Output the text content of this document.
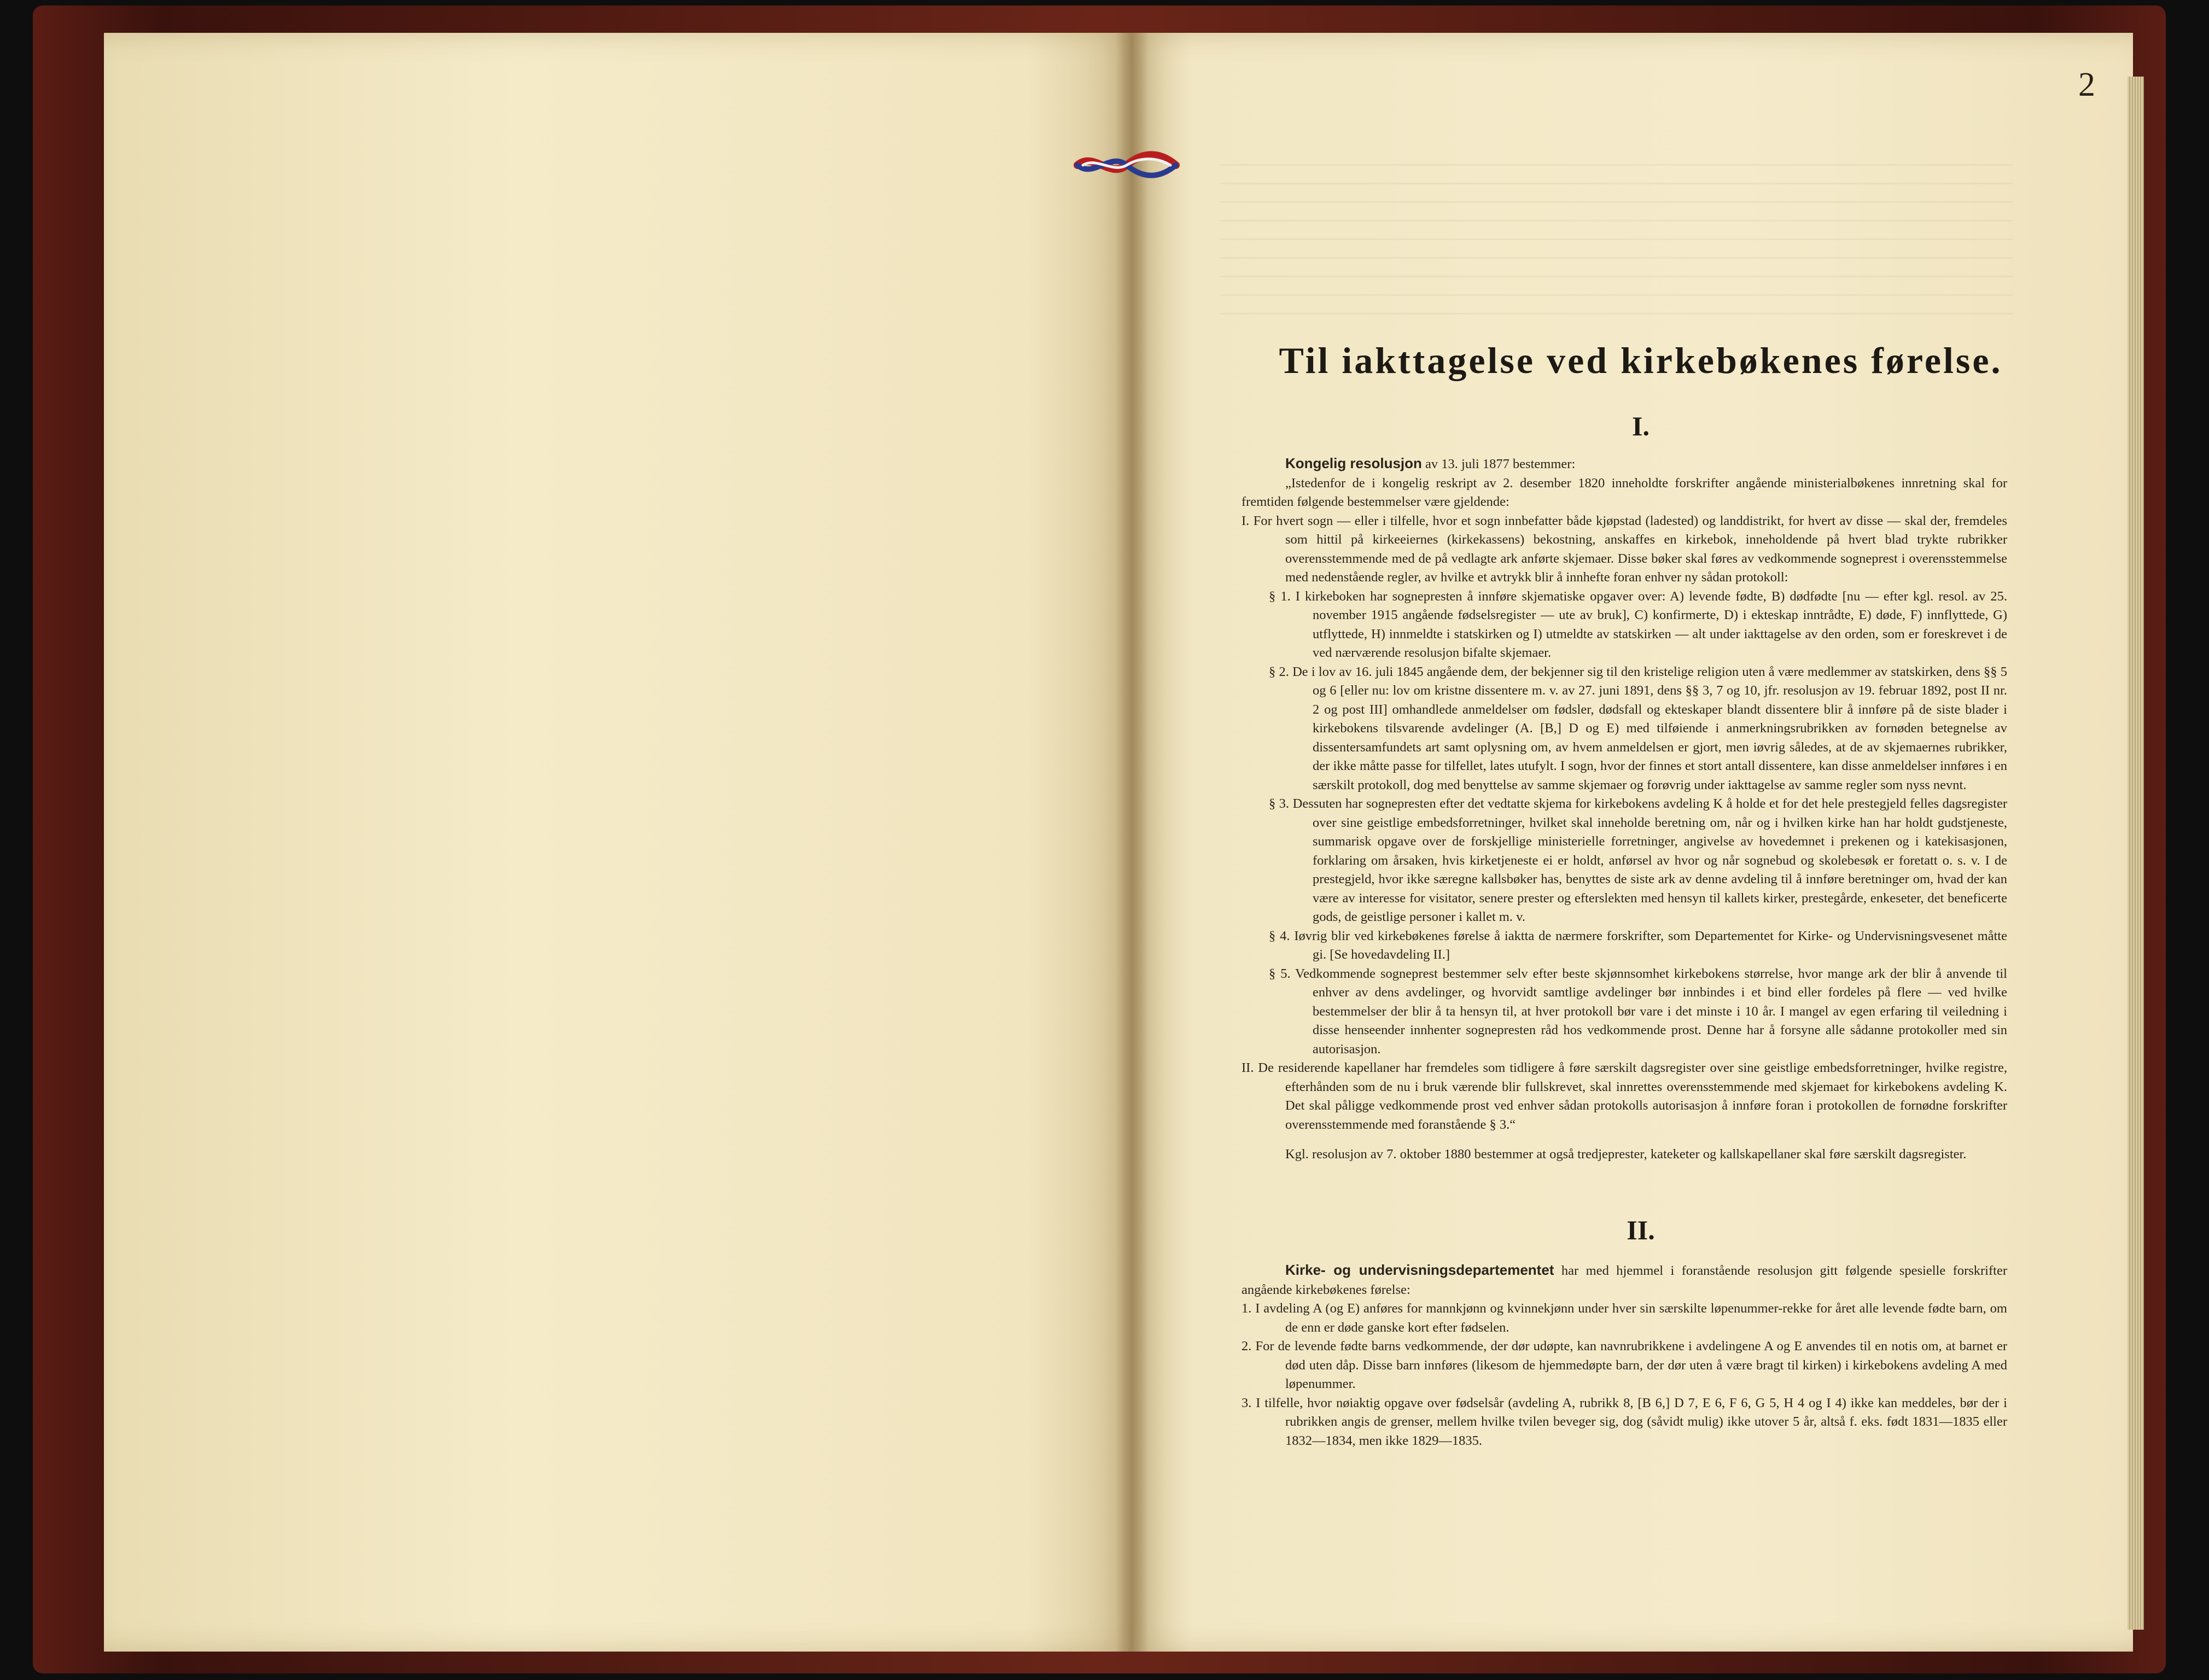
2
Til iakttagelse ved kirkebøkenes førelse.
I.

Kongelig resolusjon av 13. juli 1877 bestemmer:

„Istedenfor de i kongelig reskript av 2. desember 1820 inneholdte forskrifter angående ministerialbøkenes innretning skal for fremtiden følgende bestemmelser være gjeldende:

I. For hvert sogn — eller i tilfelle, hvor et sogn innbefatter både kjøpstad (ladested) og landdistrikt, for hvert av disse — skal der, fremdeles som hittil på kirkeeiernes (kirkekassens) bekostning, anskaffes en kirkebok, inneholdende på hvert blad trykte rubrikker overensstemmende med de på vedlagte ark anførte skjemaer. Disse bøker skal føres av vedkommende sogneprest i overensstemmelse med nedenstående regler, av hvilke et avtrykk blir å innhefte foran enhver ny sådan protokoll:

§ 1. I kirkeboken har sognepresten å innføre skjematiske opgaver over: A) levende fødte, B) dødfødte [nu — efter kgl. resol. av 25. november 1915 angående fødselsregister — ute av bruk], C) konfirmerte, D) i ekteskap inntrådte, E) døde, F) innflyttede, G) utflyttede, H) innmeldte i statskirken og I) utmeldte av statskirken — alt under iakttagelse av den orden, som er foreskrevet i de ved nærværende resolusjon bifalte skjemaer.

§ 2. De i lov av 16. juli 1845 angående dem, der bekjenner sig til den kristelige religion uten å være medlemmer av statskirken, dens §§ 5 og 6 [eller nu: lov om kristne dissentere m. v. av 27. juni 1891, dens §§ 3, 7 og 10, jfr. resolusjon av 19. februar 1892, post II nr. 2 og post III] omhandlede anmeldelser om fødsler, dødsfall og ekteskaper blandt dissentere blir å innføre på de siste blader i kirkebokens tilsvarende avdelinger (A. [B,] D og E) med tilføiende i anmerkningsrubrikken av fornøden betegnelse av dissentersamfundets art samt oplysning om, av hvem anmeldelsen er gjort, men iøvrig således, at de av skjemaernes rubrikker, der ikke måtte passe for tilfellet, lates utufylt. I sogn, hvor der finnes et stort antall dissentere, kan disse anmeldelser innføres i en særskilt protokoll, dog med benyttelse av samme skjemaer og forøvrig under iakttagelse av samme regler som nyss nevnt.

§ 3. Dessuten har sognepresten efter det vedtatte skjema for kirkebokens avdeling K å holde et for det hele prestegjeld felles dagsregister over sine geistlige embedsforretninger, hvilket skal inneholde beretning om, når og i hvilken kirke han har holdt gudstjeneste, summarisk opgave over de forskjellige ministerielle forretninger, angivelse av hovedemnet i prekenen og i katekisasjonen, forklaring om årsaken, hvis kirketjeneste ei er holdt, anførsel av hvor og når sognebud og skolebesøk er foretatt o. s. v. I de prestegjeld, hvor ikke særegne kallsbøker has, benyttes de siste ark av denne avdeling til å innføre beretninger om, hvad der kan være av interesse for visitator, senere prester og efterslekten med hensyn til kallets kirker, prestegårde, enkeseter, det beneficerte gods, de geistlige personer i kallet m. v.

§ 4. Iøvrig blir ved kirkebøkenes førelse å iaktta de nærmere forskrifter, som Departementet for Kirke- og Undervisningsvesenet måtte gi. [Se hovedavdeling II.]

§ 5. Vedkommende sogneprest bestemmer selv efter beste skjønnsomhet kirkebokens størrelse, hvor mange ark der blir å anvende til enhver av dens avdelinger, og hvorvidt samtlige avdelinger bør innbindes i et bind eller fordeles på flere — ved hvilke bestemmelser der blir å ta hensyn til, at hver protokoll bør vare i det minste i 10 år. I mangel av egen erfaring til veiledning i disse henseender innhenter sognepresten råd hos vedkommende prost. Denne har å forsyne alle sådanne protokoller med sin autorisasjon.

II. De residerende kapellaner har fremdeles som tidligere å føre særskilt dagsregister over sine geistlige embedsforretninger, hvilke registre, efterhånden som de nu i bruk værende blir fullskrevet, skal innrettes overensstemmende med skjemaet for kirkebokens avdeling K. Det skal påligge vedkommende prost ved enhver sådan protokolls autorisasjon å innføre foran i protokollen de fornødne forskrifter overensstemmende med foranstående § 3.“

Kgl. resolusjon av 7. oktober 1880 bestemmer at også tredjeprester, kateketer og kallskapellaner skal føre særskilt dagsregister.

II.

Kirke- og undervisningsdepartementet har med hjemmel i foranstående resolusjon gitt følgende spesielle forskrifter angående kirkebøkenes førelse:

1. I avdeling A (og E) anføres for mannkjønn og kvinnekjønn under hver sin særskilte løpenummer-rekke for året alle levende fødte barn, om de enn er døde ganske kort efter fødselen.

2. For de levende fødte barns vedkommende, der dør udøpte, kan navnrubrikkene i avdelingene A og E anvendes til en notis om, at barnet er død uten dåp. Disse barn innføres (likesom de hjemmedøpte barn, der dør uten å være bragt til kirken) i kirkebokens avdeling A med løpenummer.

3. I tilfelle, hvor nøiaktig opgave over fødselsår (avdeling A, rubrikk 8, [B 6,] D 7, E 6, F 6, G 5, H 4 og I 4) ikke kan meddeles, bør der i rubrikken angis de grenser, mellem hvilke tvilen beveger sig, dog (såvidt mulig) ikke utover 5 år, altså f. eks. født 1831—1835 eller 1832—1834, men ikke 1829—1835.
